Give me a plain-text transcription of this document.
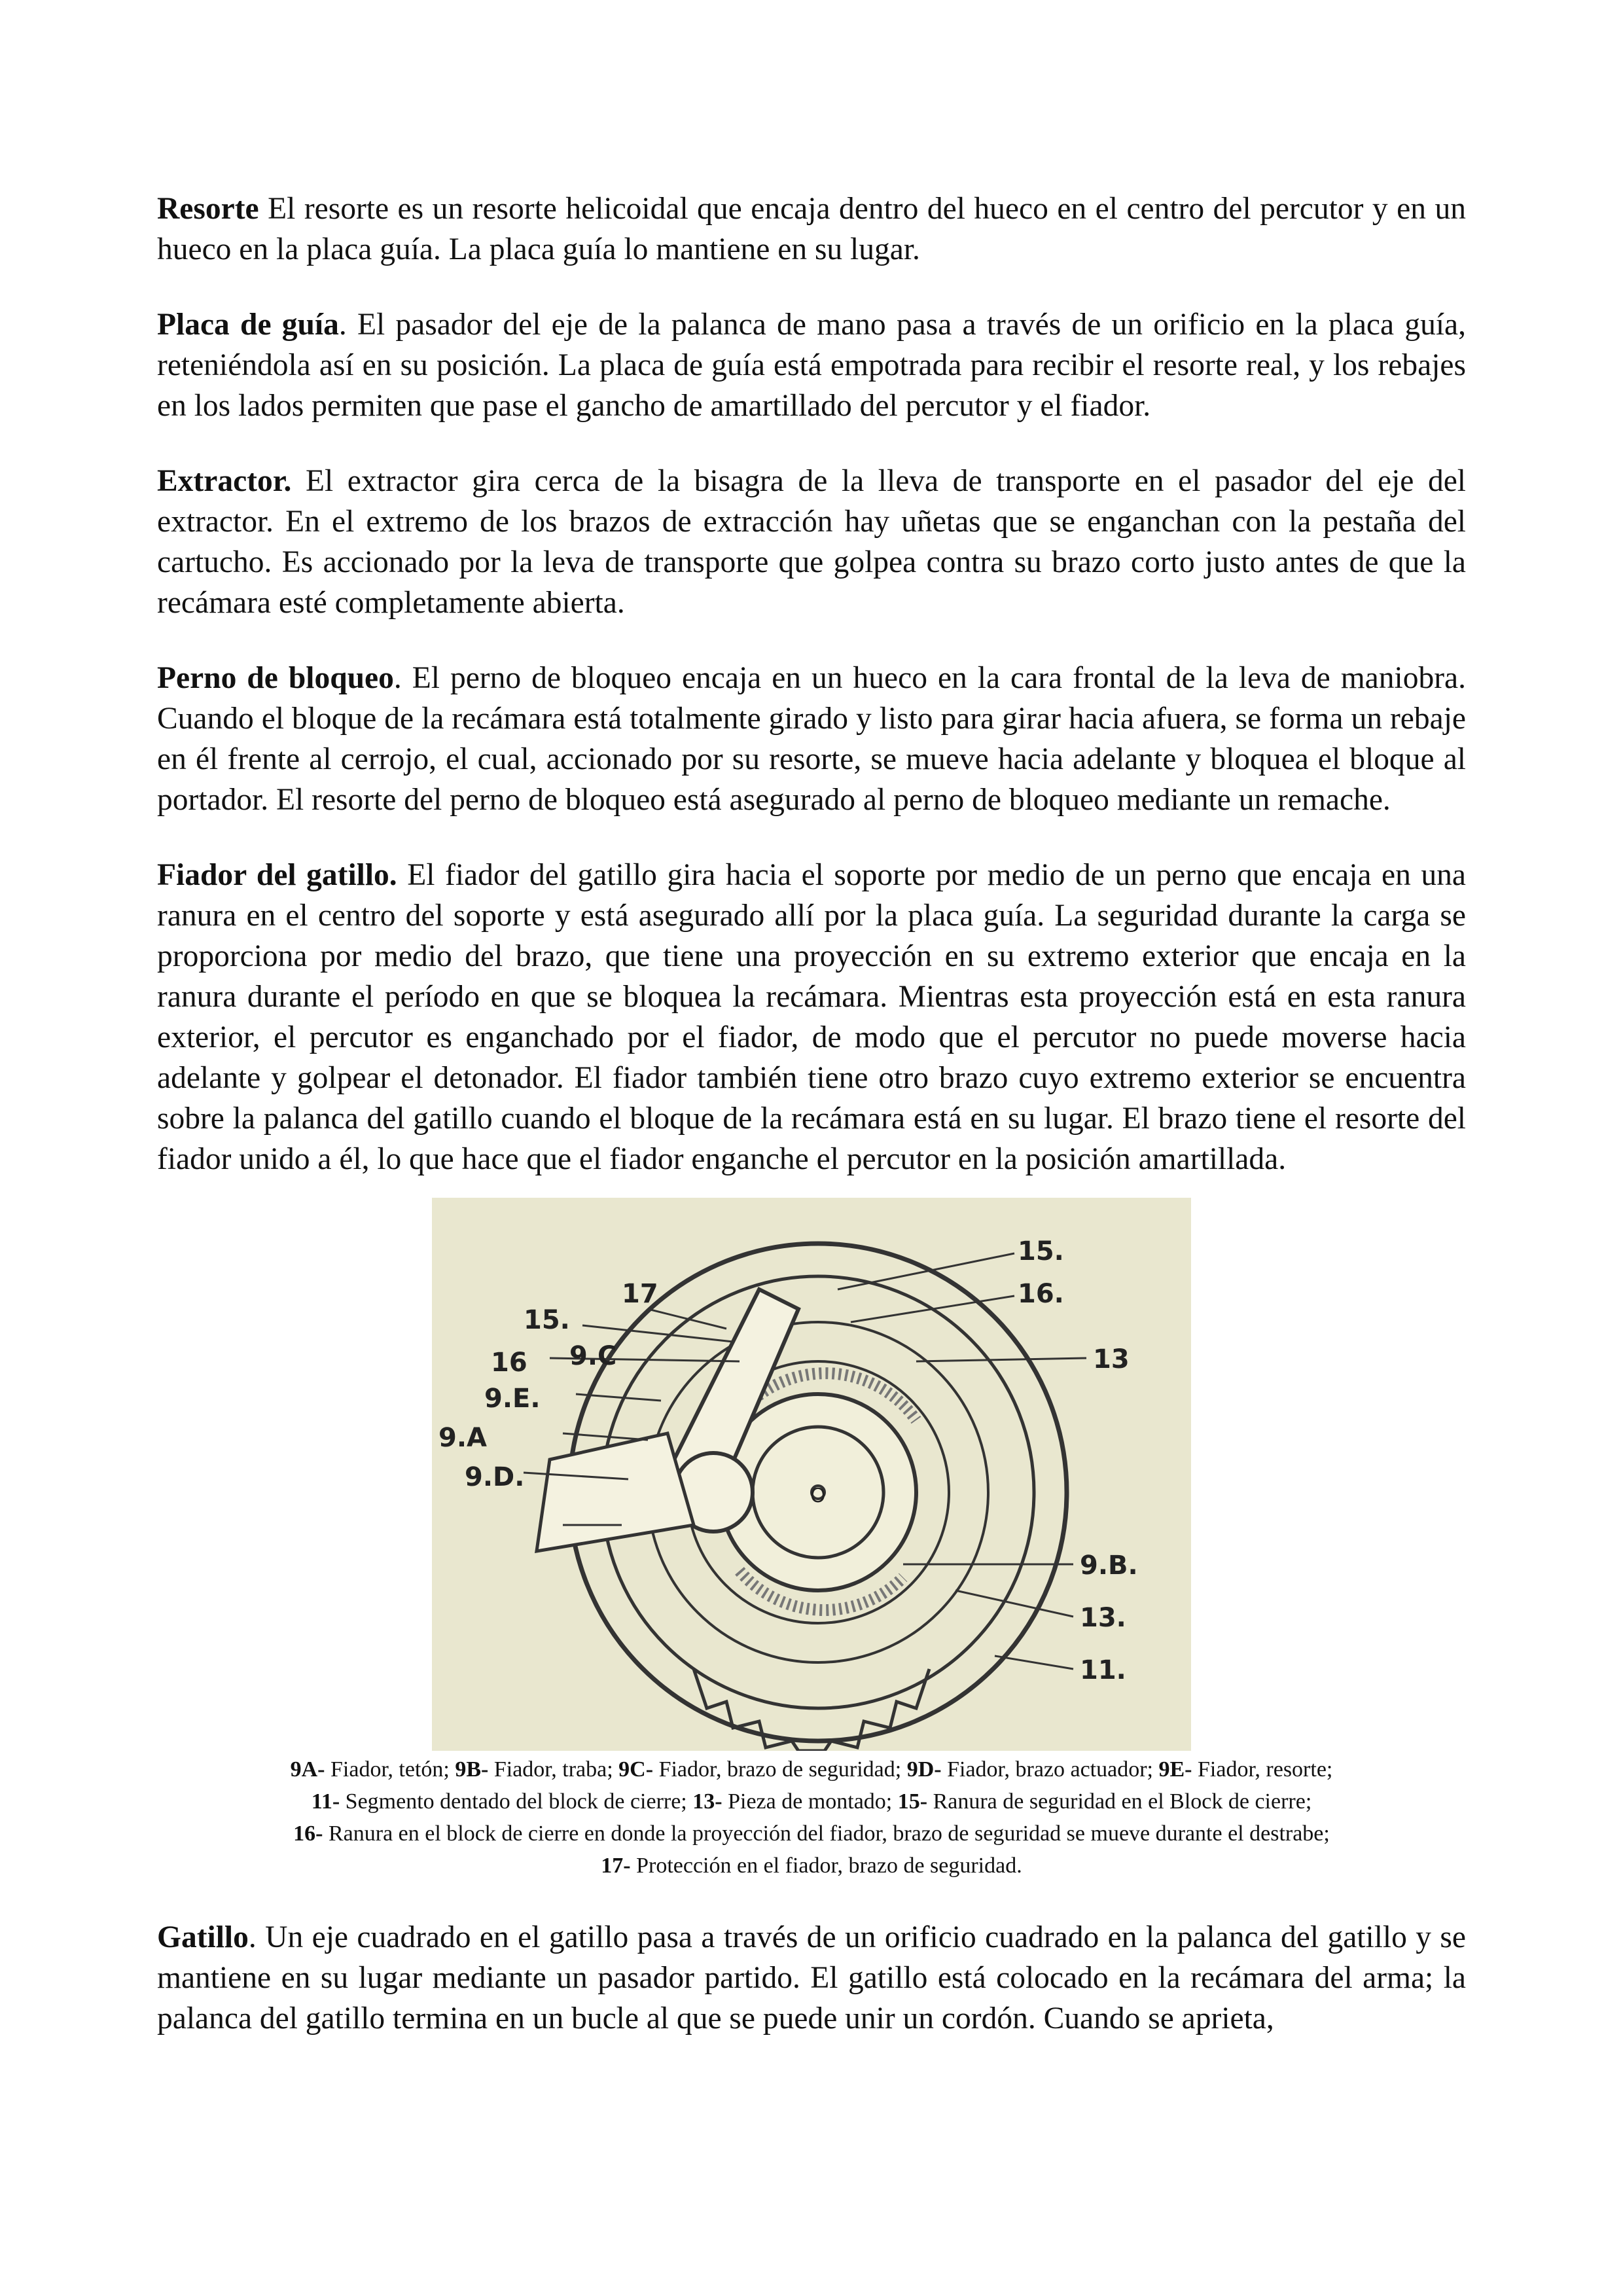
Resorte El resorte es un resorte helicoidal que encaja dentro del hueco en el centro del percutor y en un hueco en la placa guía. La placa guía lo mantiene en su lugar.

Placa de guía. El pasador del eje de la palanca de mano pasa a través de un orificio en la placa guía, reteniéndola así en su posición. La placa de guía está empotrada para recibir el resorte real, y los rebajes en los lados permiten que pase el gancho de amartillado del percutor y el fiador.

Extractor. El extractor gira cerca de la bisagra de la lleva de transporte en el pasador del eje del extractor. En el extremo de los brazos de extracción hay uñetas que se enganchan con la pestaña del cartucho. Es accionado por la leva de transporte que golpea contra su brazo corto justo antes de que la recámara esté completamente abierta.

Perno de bloqueo. El perno de bloqueo encaja en un hueco en la cara frontal de la leva de maniobra. Cuando el bloque de la recámara está totalmente girado y listo para girar hacia afuera, se forma un rebaje en él frente al cerrojo, el cual, accionado por su resorte, se mueve hacia adelante y bloquea el bloque al portador. El resorte del perno de bloqueo está asegurado al perno de bloqueo mediante un remache.

Fiador del gatillo. El fiador del gatillo gira hacia el soporte por medio de un perno que encaja en una ranura en el centro del soporte y está asegurado allí por la placa guía. La seguridad durante la carga se proporciona por medio del brazo, que tiene una proyección en su extremo exterior que encaja en la ranura durante el período en que se bloquea la recámara. Mientras esta proyección está en esta ranura exterior, el percutor es enganchado por el fiador, de modo que el percutor no puede moverse hacia adelante y golpear el detonador. El fiador también tiene otro brazo cuyo extremo exterior se encuentra sobre la palanca del gatillo cuando el bloque de la recámara está en su lugar. El brazo tiene el resorte del fiador unido a él, lo que hace que el fiador enganche el percutor en la posición amartillada.

15.
16.
13
17
15.
16 9.C
9.E.
9.A
9.D.
9.B.
13.
11.
O
9A- Fiador, tetón; 9B- Fiador, traba; 9C- Fiador, brazo de seguridad; 9D- Fiador, brazo actuador; 9E- Fiador, resorte;
11- Segmento dentado del block de cierre; 13- Pieza de montado; 15- Ranura de seguridad en el Block de cierre;
16- Ranura en el block de cierre en donde la proyección del fiador, brazo de seguridad se mueve durante el destrabe;
17- Protección en el fiador, brazo de seguridad.

Gatillo. Un eje cuadrado en el gatillo pasa a través de un orificio cuadrado en la palanca del gatillo y se mantiene en su lugar mediante un pasador partido. El gatillo está colocado en la recámara del arma; la palanca del gatillo termina en un bucle al que se puede unir un cordón. Cuando se aprieta,
